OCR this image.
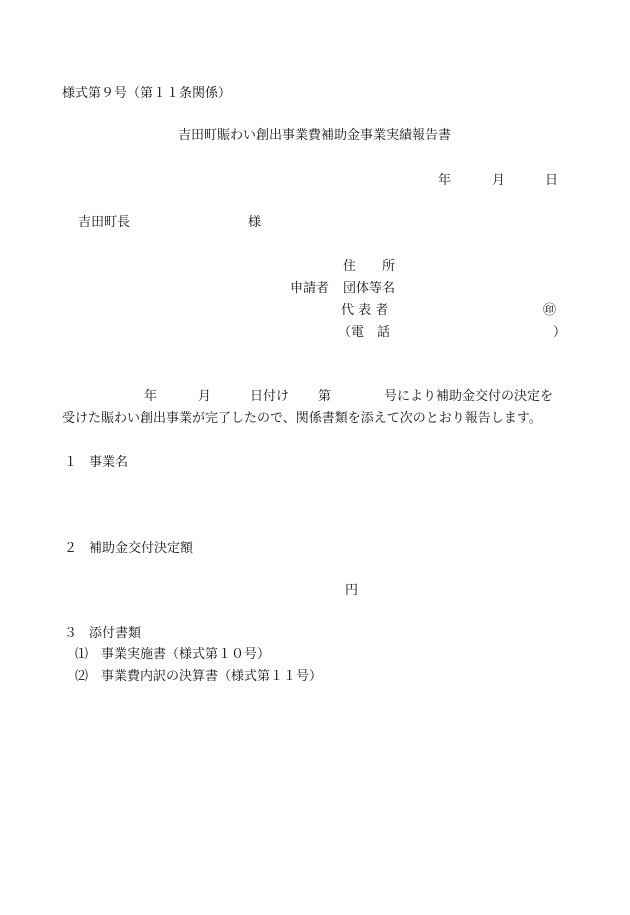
様式第９号（第１１条関係）
吉田町賑わい創出事業費補助金事業実績報告書
年	月	日
吉田町長	様
住　　所
申請者 団体等名
代 表 者	㊞
（電　話	）
年	月	日付け 第	号により補助金交付の決定を
受けた賑わい創出事業が完了したので、関係書類を添えて次のとおり報告します。
１ 事業名
２ 補助金交付決定額
円
３ 添付書類
⑴ 事業実施書（様式第１０号）
⑵ 事業費内訳の決算書（様式第１１号）
